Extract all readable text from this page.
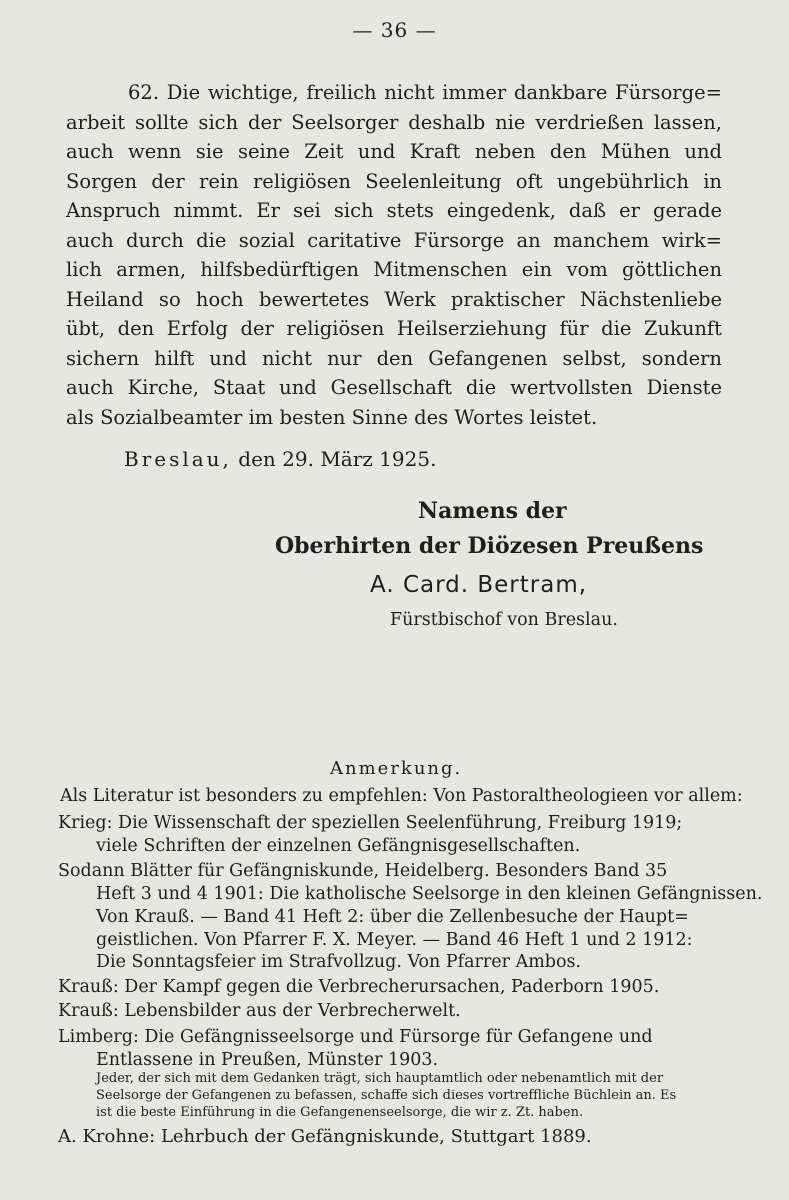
— 36 —
62. Die wichtige, freilich nicht immer dankbare Fürsorge=
arbeit sollte sich der Seelsorger deshalb nie verdrießen lassen,
auch wenn sie seine Zeit und Kraft neben den Mühen und
Sorgen der rein religiösen Seelenleitung oft ungebührlich in
Anspruch nimmt. Er sei sich stets eingedenk, daß er gerade
auch durch die sozial caritative Fürsorge an manchem wirk=
lich armen, hilfsbedürftigen Mitmenschen ein vom göttlichen
Heiland so hoch bewertetes Werk praktischer Nächstenliebe
übt, den Erfolg der religiösen Heilserziehung für die Zukunft
sichern hilft und nicht nur den Gefangenen selbst, sondern
auch Kirche, Staat und Gesellschaft die wertvollsten Dienste
als Sozialbeamter im besten Sinne des Wortes leistet.
Breslau, den 29. März 1925.
Namens der
Oberhirten der Diözesen Preußens
A. Card. Bertram,
Fürstbischof von Breslau.
Anmerkung.
Als Literatur ist besonders zu empfehlen: Von Pastoraltheologieen vor allem:
Krieg: Die Wissenschaft der speziellen Seelenführung, Freiburg 1919;
viele Schriften der einzelnen Gefängnisgesellschaften.
Sodann Blätter für Gefängniskunde, Heidelberg. Besonders Band 35
Heft 3 und 4 1901: Die katholische Seelsorge in den kleinen Gefängnissen.
Von Krauß. — Band 41 Heft 2: über die Zellenbesuche der Haupt=
geistlichen. Von Pfarrer F. X. Meyer. — Band 46 Heft 1 und 2 1912:
Die Sonntagsfeier im Strafvollzug. Von Pfarrer Ambos.
Krauß: Der Kampf gegen die Verbrecherursachen, Paderborn 1905.
Krauß: Lebensbilder aus der Verbrecherwelt.
Limberg: Die Gefängnisseelsorge und Fürsorge für Gefangene und
Entlassene in Preußen, Münster 1903.
Jeder, der sich mit dem Gedanken trägt, sich hauptamtlich oder nebenamtlich mit der
Seelsorge der Gefangenen zu befassen, schaffe sich dieses vortreffliche Büchlein an. Es
ist die beste Einführung in die Gefangenenseelsorge, die wir z. Zt. haben.
A. Krohne: Lehrbuch der Gefängniskunde, Stuttgart 1889.
